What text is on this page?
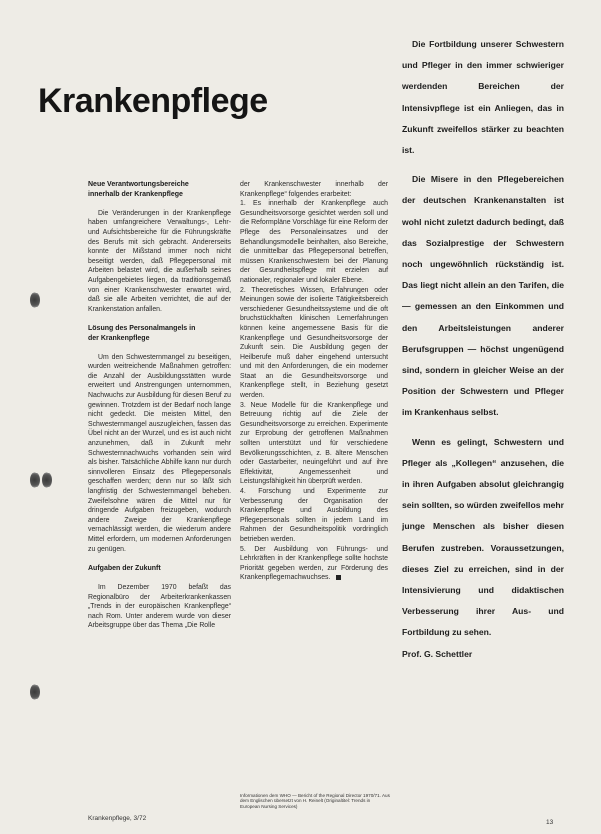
Krankenpflege
Neue Verantwortungsbereiche
innerhalb der Krankenpflege

Die Veränderungen in der Krankenpflege haben umfangreichere Verwaltungs-, Lehr- und Aufsichtsbereiche für die Führungskräfte des Berufs mit sich gebracht. Andererseits konnte der Mißstand immer noch nicht beseitigt werden, daß Pflegepersonal mit Arbeiten belastet wird, die außerhalb seines Aufgabengebietes liegen, da traditionsgemäß von einer Krankenschwester erwartet wird, daß sie alle Arbeiten verrichtet, die auf der Krankenstation anfallen.

Lösung des Personalmangels in
der Krankenpflege

Um den Schwesternmangel zu beseitigen, wurden weitreichende Maßnahmen getroffen: die Anzahl der Ausbildungsstätten wurde erweitert und Anstrengungen unternommen, Nachwuchs zur Ausbildung für diesen Beruf zu gewinnen. Trotzdem ist der Bedarf noch lange nicht gedeckt. Die meisten Mittel, den Schwesternmangel auszugleichen, fassen das Übel nicht an der Wurzel, und es ist auch nicht anzunehmen, daß in Zukunft mehr Schwesternnachwuchs vorhanden sein wird als bisher. Tatsächliche Abhilfe kann nur durch sinnvolleren Einsatz des Pflegepersonals geschaffen werden; denn nur so läßt sich langfristig der Schwesternmangel beheben. Zweifelsohne wären die Mittel nur für dringende Aufgaben freizugeben, wodurch andere Zweige der Krankenpflege vernachlässigt werden, die wiederum andere Mittel erfordern, um modernen Anforderungen zu genügen.

Aufgaben der Zukunft

Im Dezember 1970 befaßt das Regionalbüro der Arbeiterkrankenkassen „Trends in der europäischen Krankenpflege“ nach Rom. Unter anderem wurde von dieser Arbeitsgruppe über das Thema „Die Rolle

der Krankenschwester innerhalb der Krankenpflege“ folgendes erarbeitet:

1. Es innerhalb der Krankenpflege auch Gesundheitsvorsorge gesichtet werden soll und die Reformpläne Vorschläge für eine Reform der Pflege des Personaleinsatzes und der Behandlungsmodelle beinhalten, also Bereiche, die unmittelbar das Pflegepersonal betreffen, müssen Krankenschwestern bei der Planung der Gesundheitspflege mit erzielen auf nationaler, regionaler und lokaler Ebene.

2. Theoretisches Wissen, Erfahrungen oder Meinungen sowie der isolierte Tätigkeitsbereich verschiedener Gesundheitssysteme und die oft bruchstückhaften klinischen Lernerfahrungen können keine angemessene Basis für die Krankenpflege und Gesundheitsvorsorge der Zukunft sein. Die Ausbildung gegen der Heilberufe muß daher eingehend untersucht und mit den Anforderungen, die ein moderner Staat an die Gesundheitsvorsorge und Krankenpflege stellt, in Beziehung gesetzt werden.

3. Neue Modelle für die Krankenpflege und Betreuung richtig auf die Ziele der Gesundheitsvorsorge zu erreichen. Experimente zur Erprobung der getroffenen Maßnahmen sollten unterstützt und für verschiedene Bevölkerungsschichten, z. B. ältere Menschen oder Gastarbeiter, neuingeführt und auf ihre Effektivität, Angemessenheit und Leistungsfähigkeit hin überprüft werden.

4. Forschung und Experimente zur Verbesserung der Organisation der Krankenpflege und Ausbildung des Pflegepersonals sollten in jedem Land im Rahmen der Gesundheitspolitik vordringlich betrieben werden.

5. Der Ausbildung von Führungs- und Lehrkräften in der Krankenpflege sollte hochste Priorität gegeben werden, zur Förderung des Krankenpflegernachwuchses.

Die Fortbildung unserer Schwestern und Pfleger in den immer schwieriger werdenden Bereichen der Intensivpflege ist ein Anliegen, das in Zukunft zweifellos stärker zu beachten ist.

Die Misere in den Pflegebereichen der deutschen Krankenanstalten ist wohl nicht zuletzt dadurch bedingt, daß das Sozialprestige der Schwestern noch ungewöhnlich rückständig ist. Das liegt nicht allein an den Tarifen, die — gemessen an den Einkommen und den Arbeitsleistungen anderer Berufsgruppen — höchst ungenügend sind, sondern in gleicher Weise an der Position der Schwestern und Pfleger im Krankenhaus selbst.

Wenn es gelingt, Schwestern und Pfleger als „Kollegen“ anzusehen, die in ihren Aufgaben absolut gleichrangig sein sollten, so würden zweifellos mehr junge Menschen als bisher diesen Berufen zustreben. Voraussetzungen, dieses Ziel zu erreichen, sind in der Intensivierung und didaktischen Verbesserung ihrer Aus- und Fortbildung zu sehen.

Prof. G. Schettler

Informationen dem WHO — Bericht of the Regional Director 1970/71. Aus dem Englischen übersetzt von H. Reinelt (Originaltitel: Trends in European Nursing Services)
Krankenpflege, 3/72
13
